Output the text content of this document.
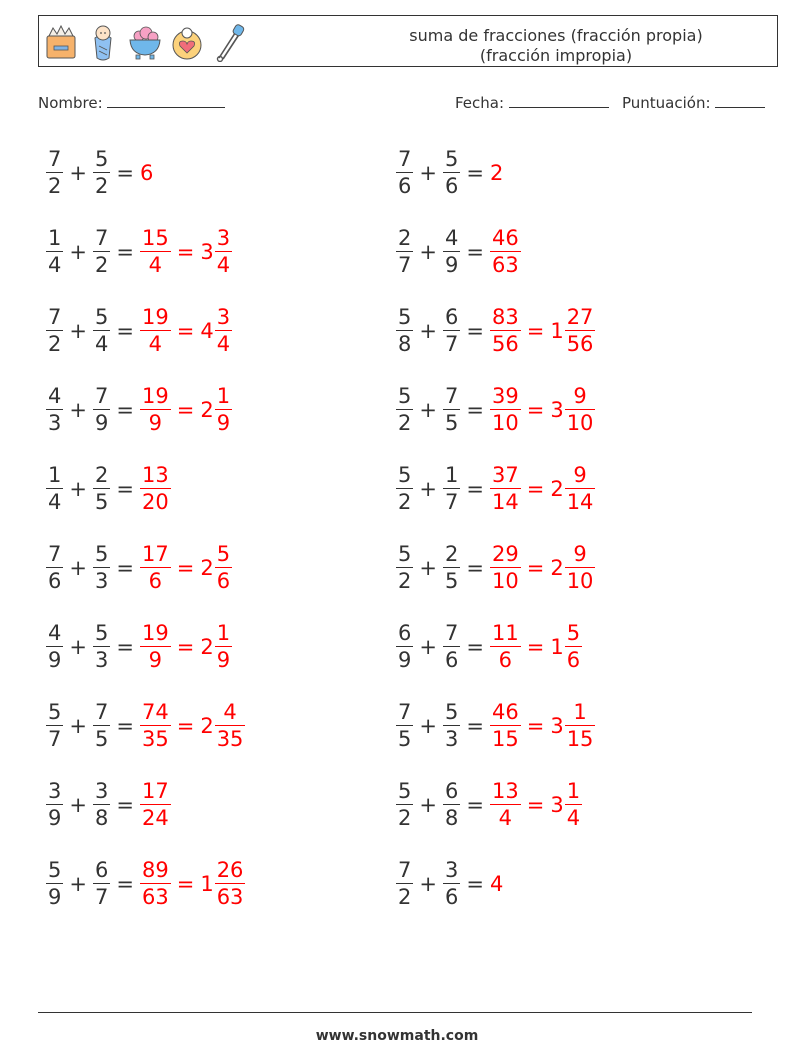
suma de fracciones (fracción propia)
(fracción impropia)
Nombre:	Fecha:	Puntuación:
$\frac{7}{2} + \frac{5}{2} = 6$	$\frac{7}{6} + \frac{5}{6} = 2$
$\frac{1}{4} + \frac{7}{2} = \frac{15}{4} = 3 \frac{3}{4}$	$\frac{2}{7} + \frac{4}{9} = \frac{46}{63}$
$\frac{7}{2} + \frac{5}{4} = \frac{19}{4} = 4 \frac{3}{4}$	$\frac{5}{8} + \frac{6}{7} = \frac{83}{56} = 1 \frac{27}{56}$
$\frac{4}{3} + \frac{7}{9} = \frac{19}{9} = 2 \frac{1}{9}$	$\frac{5}{2} + \frac{7}{5} = \frac{39}{10} = 3 \frac{9}{10}$
$\frac{1}{4} + \frac{2}{5} = \frac{13}{20}$	$\frac{5}{2} + \frac{1}{7} = \frac{37}{14} = 2 \frac{9}{14}$
$\frac{7}{6} + \frac{5}{3} = \frac{17}{6} = 2 \frac{5}{6}$	$\frac{5}{2} + \frac{2}{5} = \frac{29}{10} = 2 \frac{9}{10}$
$\frac{4}{9} + \frac{5}{3} = \frac{19}{9} = 2 \frac{1}{9}$	$\frac{6}{9} + \frac{7}{6} = \frac{11}{6} = 1 \frac{5}{6}$
$\frac{5}{7} + \frac{7}{5} = \frac{74}{35} = 2 \frac{4}{35}$	$\frac{7}{5} + \frac{5}{3} = \frac{46}{15} = 3 \frac{1}{15}$
$\frac{3}{9} + \frac{3}{8} = \frac{17}{24}$	$\frac{5}{2} + \frac{6}{8} = \frac{13}{4} = 3 \frac{1}{4}$
$\frac{5}{9} + \frac{6}{7} = \frac{89}{63} = 1 \frac{26}{63}$	$\frac{7}{2} + \frac{3}{6} = 4$
www.snowmath.com
